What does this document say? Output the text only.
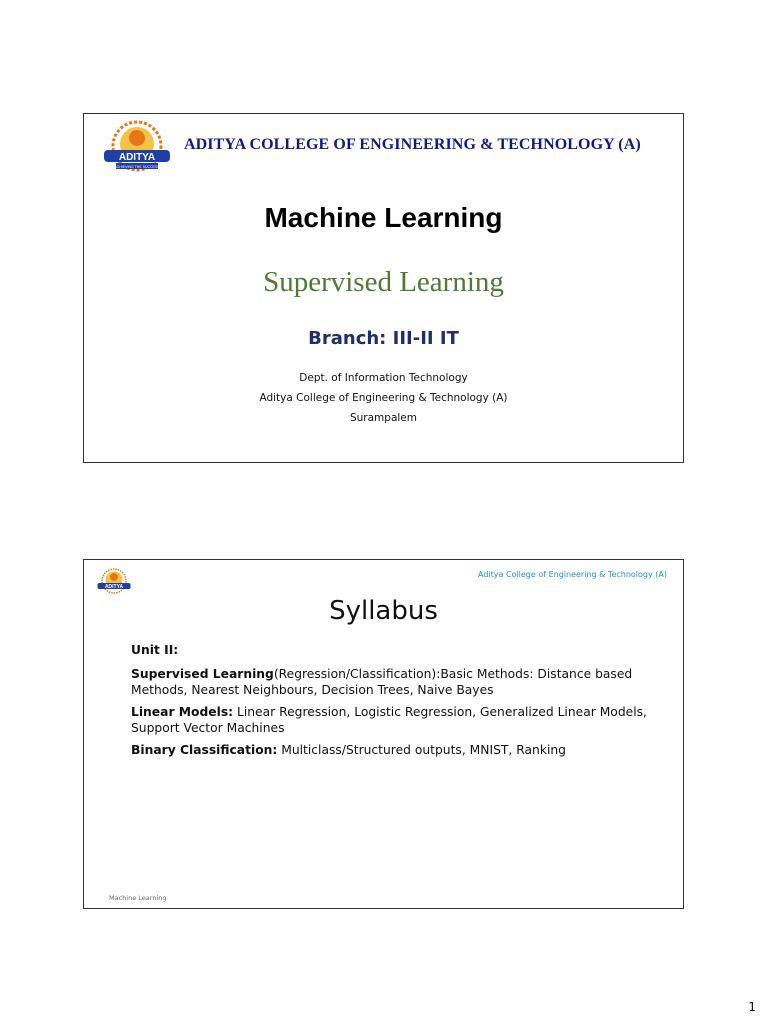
ADITYA
ACHIEVING THE SUCCESS
ADITYA COLLEGE OF ENGINEERING & TECHNOLOGY (A)
Machine Learning
Supervised Learning
Branch: III-II IT
Dept. of Information Technology
Aditya College of Engineering & Technology (A)
Surampalem
ADITYA
Aditya College of Engineering & Technology (A)
Syllabus

Unit II:

Supervised Learning(Regression/Classification):Basic Methods: Distance based Methods, Nearest Neighbours, Decision Trees, Naive Bayes

Linear Models: Linear Regression, Logistic Regression, Generalized Linear Models, Support Vector Machines

Binary Classification: Multiclass/Structured outputs, MNIST, Ranking

Machine Learning
1
